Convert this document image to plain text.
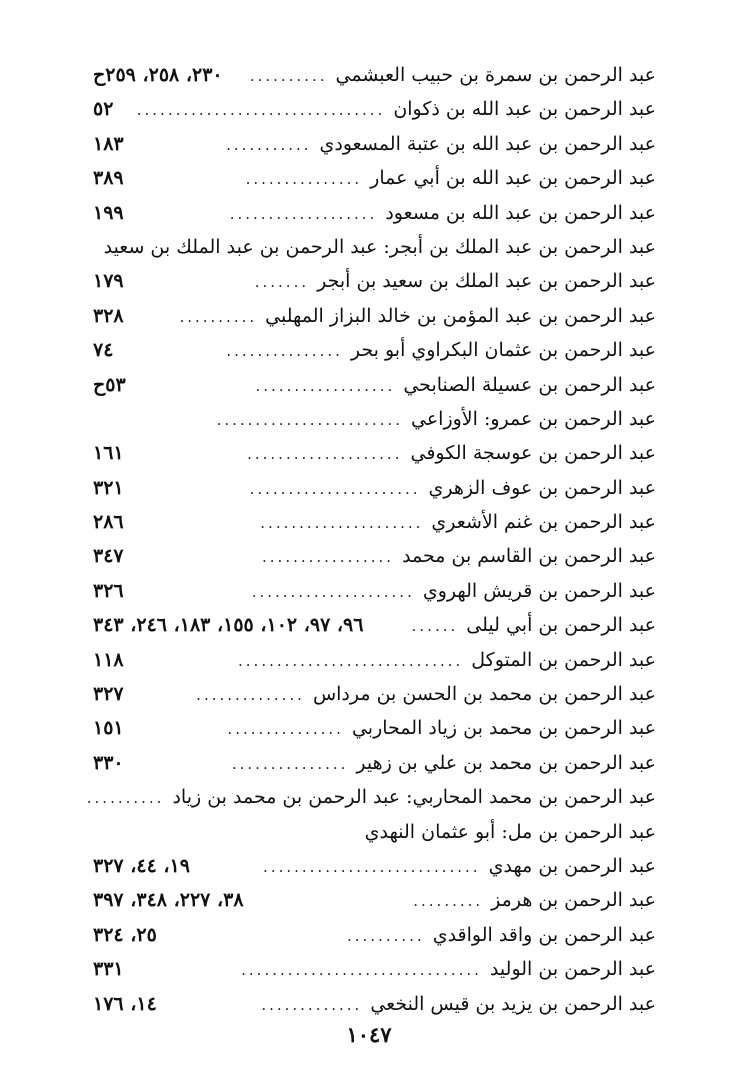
عبد الرحمن بن سمرة بن حبيب العبشمي
..........
٢٣٠، ٢٥٨، ٢٥٩ح
عبد الرحمن بن عبد الله بن ذكوان
................................
٥٢
عبد الرحمن بن عبد الله بن عتبة المسعودي
...........
١٨٣
عبد الرحمن بن عبد الله بن أبي عمار
...............
٣٨٩
عبد الرحمن بن عبد الله بن مسعود
...................
١٩٩
عبد الرحمن بن عبد الملك بن أبجر: عبد الرحمن بن عبد الملك بن سعيد
عبد الرحمن بن عبد الملك بن سعيد بن أبجر
.......
١٧٩
عبد الرحمن بن عبد المؤمن بن خالد البزاز المهلبي
..........
٣٢٨
عبد الرحمن بن عثمان البكراوي أبو بحر
...............
٧٤
عبد الرحمن بن عسيلة الصنابحي
..................
٥٣ح
عبد الرحمن بن عمرو: الأوزاعي
........................
عبد الرحمن بن عوسجة الكوفي
....................
١٦١
عبد الرحمن بن عوف الزهري
......................
٣٢١
عبد الرحمن بن غنم الأشعري
.....................
٢٨٦
عبد الرحمن بن القاسم بن محمد
.................
٣٤٧
عبد الرحمن بن قريش الهروي
.....................
٣٢٦
عبد الرحمن بن أبي ليلى
......
٩٦، ٩٧، ١٠٢، ١٥٥، ١٨٣، ٢٤٦، ٣٤٣
عبد الرحمن بن المتوكل
.............................
١١٨
عبد الرحمن بن محمد بن الحسن بن مرداس
..............
٣٢٧
عبد الرحمن بن محمد بن زياد المحاربي
...............
١٥١
عبد الرحمن بن محمد بن علي بن زهير
...............
٣٣٠
عبد الرحمن بن محمد المحاربي: عبد الرحمن بن محمد بن زياد
..........
عبد الرحمن بن مل: أبو عثمان النهدي
عبد الرحمن بن مهدي
............................
١٩، ٤٤، ٣٢٧
عبد الرحمن بن هرمز
.........
٣٨، ٢٢٧، ٣٤٨، ٣٩٧
عبد الرحمن بن واقد الواقدي
..........
٢٥، ٣٢٤
عبد الرحمن بن الوليد
...............................
٣٣١
عبد الرحمن بن يزيد بن قيس النخعي
.............
١٤، ١٧٦
١٠٤٧
